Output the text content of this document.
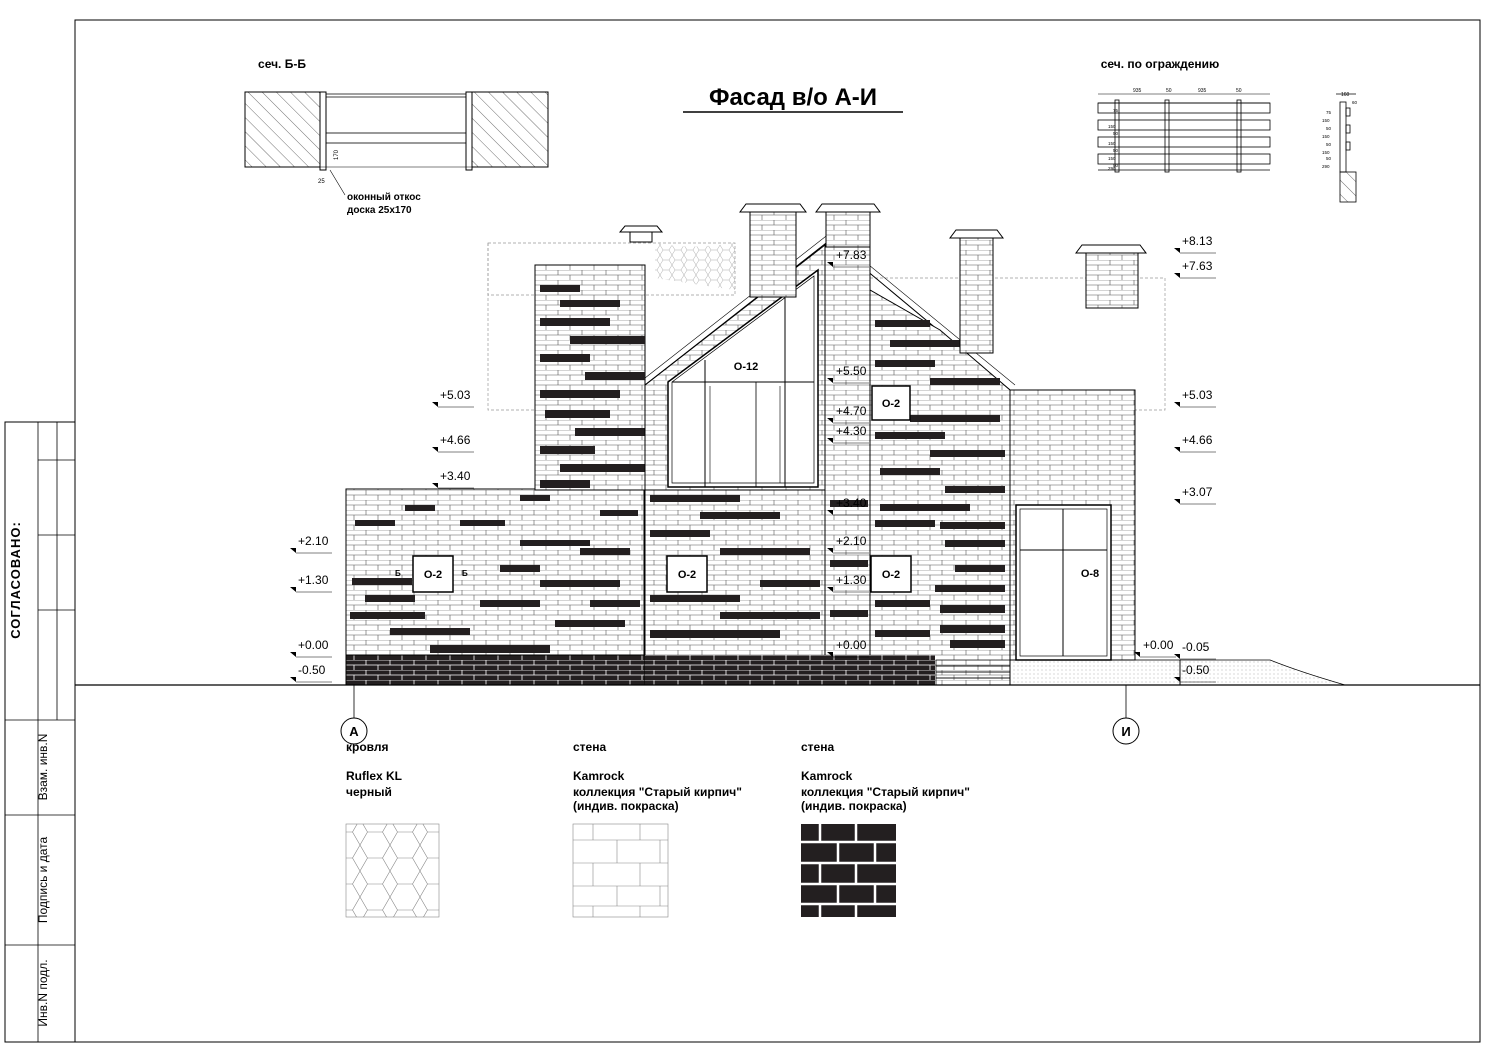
СОГЛАСОВАНО:
Взам. инв.N
Подпись и дата
Инв.N подл.
Фасад в/о А-И
сеч. Б-Б
170
25
оконный откос
доска 25х170
сеч. по ограждению
935	50	935	50
75
150
50
150
50
150
50
290
160
60
75
150
50
150
50
150
50
290
О-12
О-8
О-2	О-2	О-2
О-2
Б	Б
+5.03
+4.66
+3.40
+2.10
+1.30
+0.00
-0.50
+7.83
+5.50
+4.70
+4.30
+3.40
+2.10
+1.30
+0.00
+8.13
+7.63
+5.03
+4.66
+3.07
-0.05
-0.50
+0.00
А	И
кровля
Ruflex KL
черный
стена
Kamrock
коллекция "Старый кирпич"
(индив. покраска)
стена
Kamrock
коллекция "Старый кирпич"
(индив. покраска)
